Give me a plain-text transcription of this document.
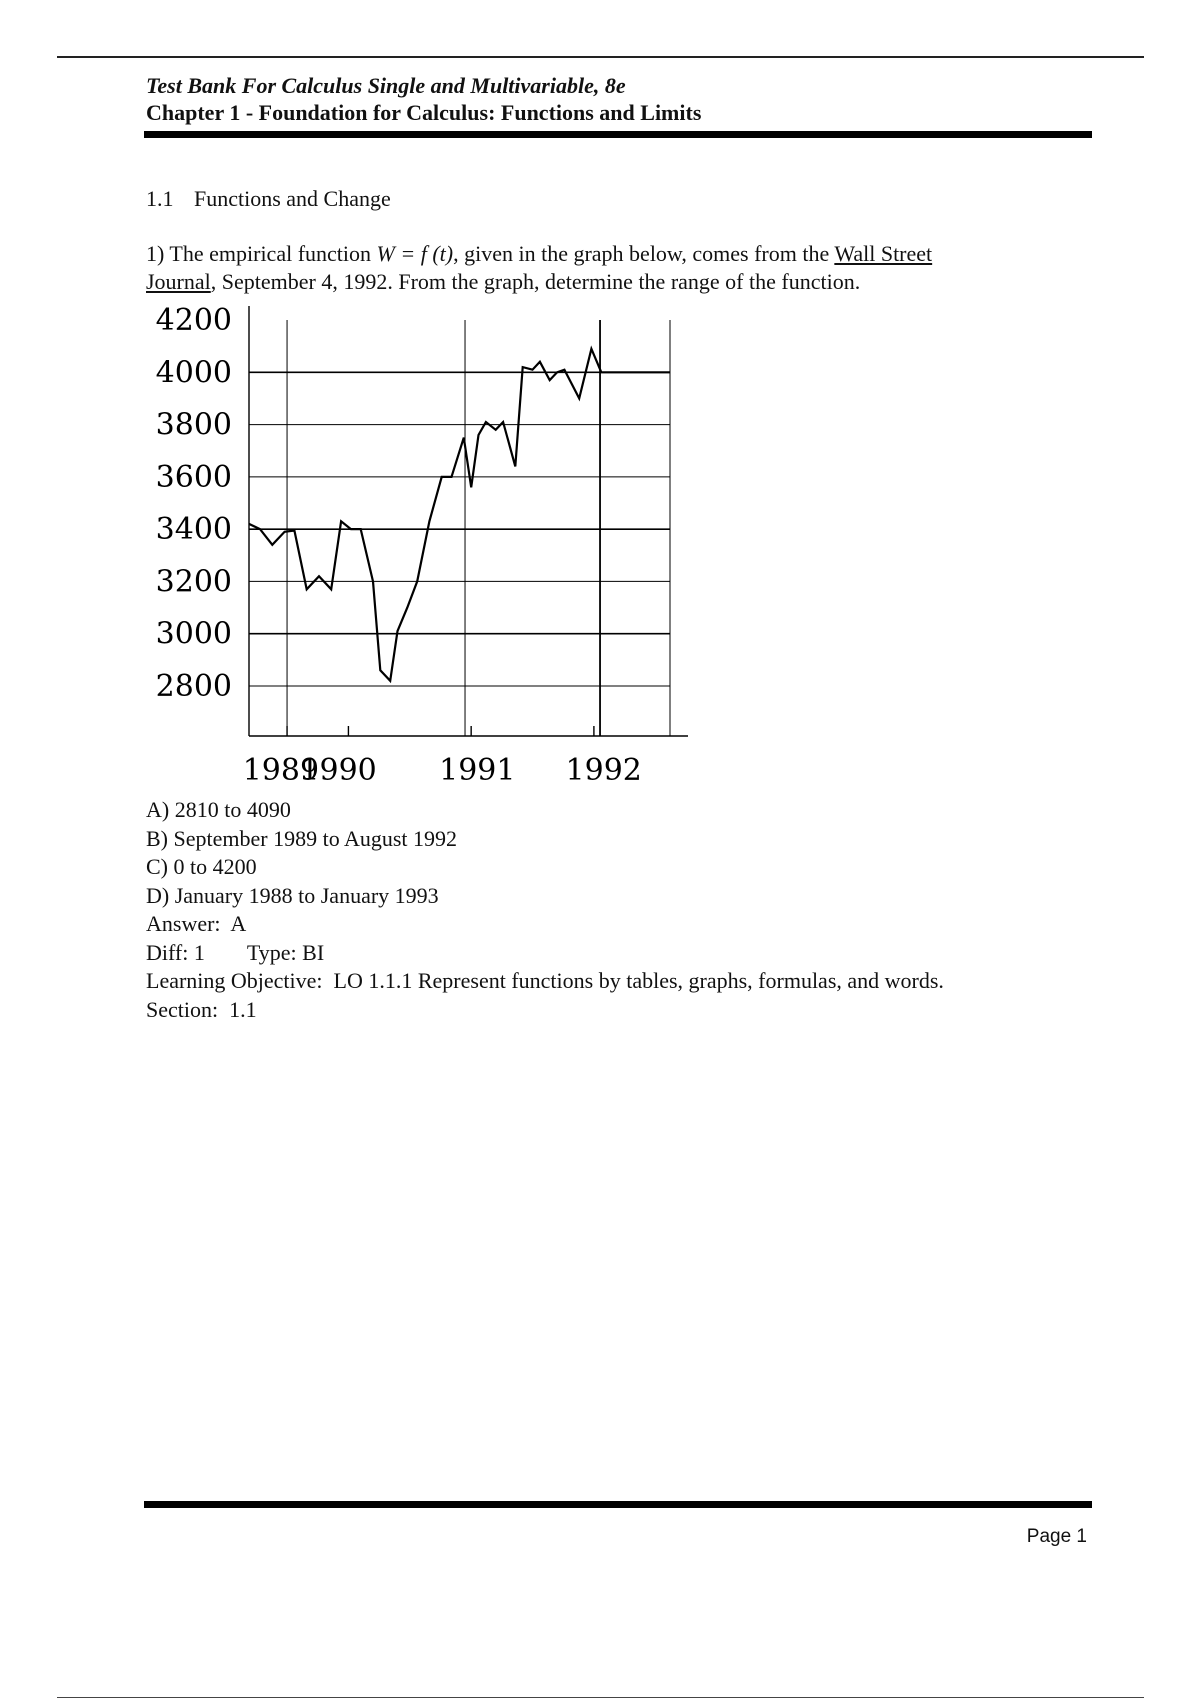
Test Bank For Calculus Single and Multivariable, 8e
Chapter 1 - Foundation for Calculus: Functions and Limits
1.1 Functions and Change
1) The empirical function W = f (t), given in the graph below, comes from the Wall Street
Journal, September 4, 1992. From the graph, determine the range of the function.
4200
4000
3800
3600
3400
3200
3000
2800
1989
1990 1991 1992
A) 2810 to 4090
B) September 1989 to August 1992
C) 0 to 4200
D) January 1988 to January 1993
Answer:  A
Diff: 1 Type: BI
Learning Objective:  LO 1.1.1 Represent functions by tables, graphs, formulas, and words.
Section:  1.1
Page 1
